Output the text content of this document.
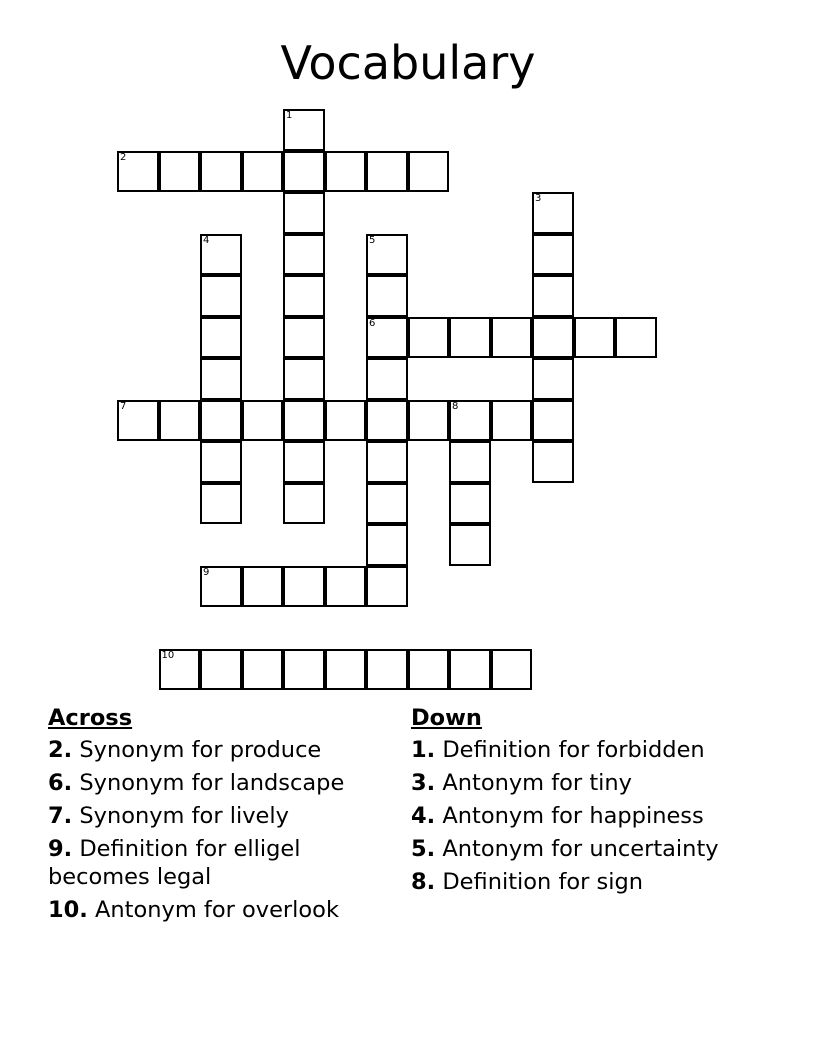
Vocabulary
1
2
3
4	5
6
7	8
9
10
Across
2. Synonym for produce
6. Synonym for landscape
7. Synonym for lively
9. Definition for elligel becomes legal
10. Antonym for overlook
Down
1. Definition for forbidden
3. Antonym for tiny
4. Antonym for happiness
5. Antonym for uncertainty
8. Definition for sign
